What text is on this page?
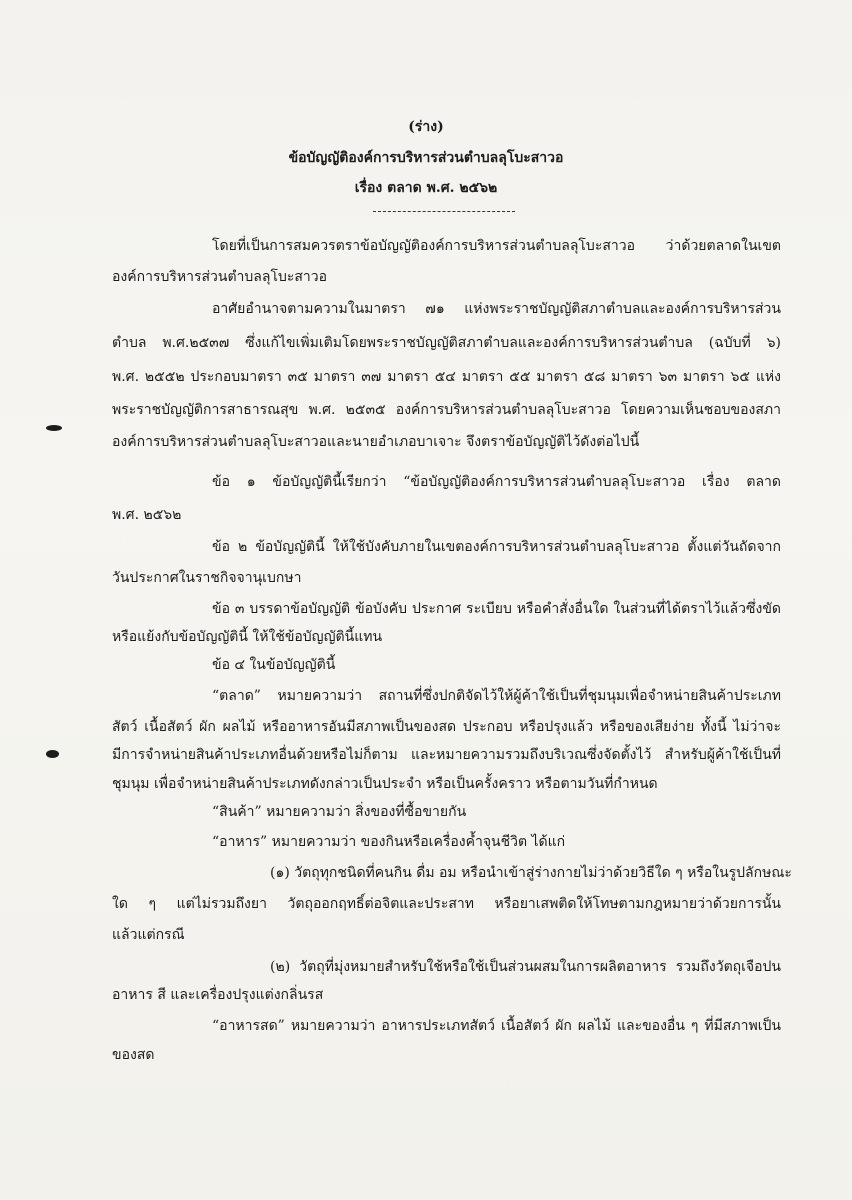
(ร่าง)
ข้อบัญญัติองค์การบริหารส่วนตำบลลุโบะสาวอ
เรื่อง ตลาด พ.ศ. ๒๕๖๒
โดยที่เป็นการสมควรตราข้อบัญญัติองค์การบริหารส่วนตำบลลุโบะสาวอ ว่าด้วยตลาดในเขต
องค์การบริหารส่วนตำบลลุโบะสาวอ
อาศัยอำนาจตามความในมาตรา ๗๑ แห่งพระราชบัญญัติสภาตำบลและองค์การบริหารส่วน
ตำบล พ.ศ.๒๕๓๗ ซึ่งแก้ไขเพิ่มเติมโดยพระราชบัญญัติสภาตำบลและองค์การบริหารส่วนตำบล (ฉบับที่ ๖)
พ.ศ. ๒๕๕๒ ประกอบมาตรา ๓๕ มาตรา ๓๗ มาตรา ๕๔ มาตรา ๕๕ มาตรา ๕๘ มาตรา ๖๓ มาตรา ๖๕ แห่ง
พระราชบัญญัติการสาธารณสุข พ.ศ. ๒๕๓๕ องค์การบริหารส่วนตำบลลุโบะสาวอ โดยความเห็นชอบของสภา
องค์การบริหารส่วนตำบลลุโบะสาวอและนายอำเภอบาเจาะ จึงตราข้อบัญญัติไว้ดังต่อไปนี้
ข้อ ๑ ข้อบัญญัตินี้เรียกว่า “ข้อบัญญัติองค์การบริหารส่วนตำบลลุโบะสาวอ เรื่อง ตลาด
พ.ศ. ๒๕๖๒
ข้อ ๒ ข้อบัญญัตินี้ ให้ใช้บังคับภายในเขตองค์การบริหารส่วนตำบลลุโบะสาวอ ตั้งแต่วันถัดจาก
วันประกาศในราชกิจจานุเบกษา
ข้อ ๓ บรรดาข้อบัญญัติ ข้อบังคับ ประกาศ ระเบียบ หรือคำสั่งอื่นใด ในส่วนที่ได้ตราไว้แล้วซึ่งขัด
หรือแย้งกับข้อบัญญัตินี้ ให้ใช้ข้อบัญญัตินี้แทน
ข้อ ๔ ในข้อบัญญัตินี้
“ตลาด” หมายความว่า สถานที่ซึ่งปกติจัดไว้ให้ผู้ค้าใช้เป็นที่ชุมนุมเพื่อจำหน่ายสินค้าประเภท
สัตว์ เนื้อสัตว์ ผัก ผลไม้ หรืออาหารอันมีสภาพเป็นของสด ประกอบ หรือปรุงแล้ว หรือของเสียง่าย ทั้งนี้ ไม่ว่าจะ
มีการจำหน่ายสินค้าประเภทอื่นด้วยหรือไม่ก็ตาม และหมายความรวมถึงบริเวณซึ่งจัดตั้งไว้ สำหรับผู้ค้าใช้เป็นที่
ชุมนุม เพื่อจำหน่ายสินค้าประเภทดังกล่าวเป็นประจำ หรือเป็นครั้งคราว หรือตามวันที่กำหนด
“สินค้า” หมายความว่า สิ่งของที่ซื้อขายกัน
“อาหาร” หมายความว่า ของกินหรือเครื่องค้ำจุนชีวิต ได้แก่
(๑) วัตถุทุกชนิดที่คนกิน ดื่ม อม หรือนำเข้าสู่ร่างกายไม่ว่าด้วยวิธีใด ๆ หรือในรูปลักษณะ
ใด ๆ แต่ไม่รวมถึงยา วัตถุออกฤทธิ์ต่อจิตและประสาท หรือยาเสพติดให้โทษตามกฎหมายว่าด้วยการนั้น
แล้วแต่กรณี
(๒) วัตถุที่มุ่งหมายสำหรับใช้หรือใช้เป็นส่วนผสมในการผลิตอาหาร รวมถึงวัตถุเจือปน
อาหาร สี และเครื่องปรุงแต่งกลิ่นรส
“อาหารสด” หมายความว่า อาหารประเภทสัตว์ เนื้อสัตว์ ผัก ผลไม้ และของอื่น ๆ ที่มีสภาพเป็น
ของสด
